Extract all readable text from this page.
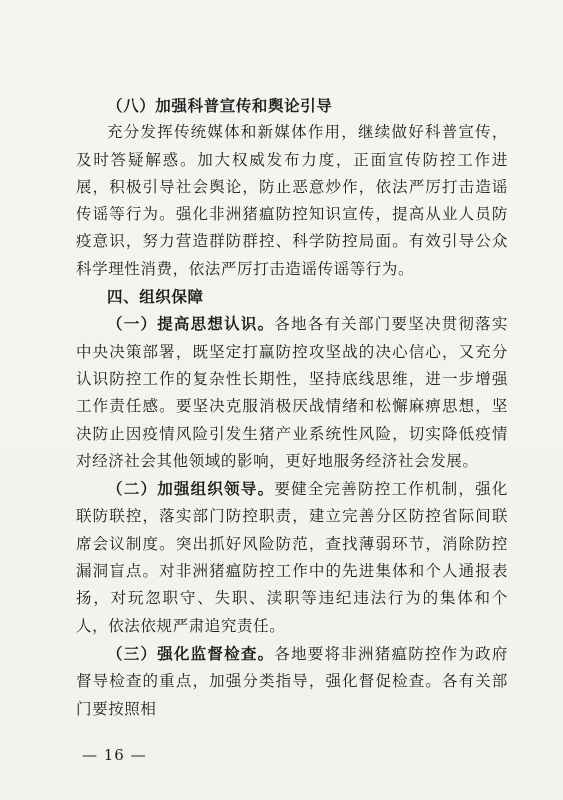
（八）加强科普宣传和舆论引导

充分发挥传统媒体和新媒体作用，继续做好科普宣传，及时答疑解惑。加大权威发布力度，正面宣传防控工作进展，积极引导社会舆论，防止恶意炒作，依法严厉打击造谣传谣等行为。强化非洲猪瘟防控知识宣传，提高从业人员防疫意识，努力营造群防群控、科学防控局面。有效引导公众科学理性消费，依法严厉打击造谣传谣等行为。

四、组织保障

（一）提高思想认识。各地各有关部门要坚决贯彻落实中央决策部署，既坚定打赢防控攻坚战的决心信心，又充分认识防控工作的复杂性长期性，坚持底线思维，进一步增强工作责任感。要坚决克服消极厌战情绪和松懈麻痹思想，坚决防止因疫情风险引发生猪产业系统性风险，切实降低疫情对经济社会其他领域的影响，更好地服务经济社会发展。

（二）加强组织领导。要健全完善防控工作机制，强化联防联控，落实部门防控职责，建立完善分区防控省际间联席会议制度。突出抓好风险防范，查找薄弱环节，消除防控漏洞盲点。对非洲猪瘟防控工作中的先进集体和个人通报表扬，对玩忽职守、失职、渎职等违纪违法行为的集体和个人，依法依规严肃追究责任。

（三）强化监督检查。各地要将非洲猪瘟防控作为政府督导检查的重点，加强分类指导，强化督促检查。各有关部门要按照相

— 16 —
